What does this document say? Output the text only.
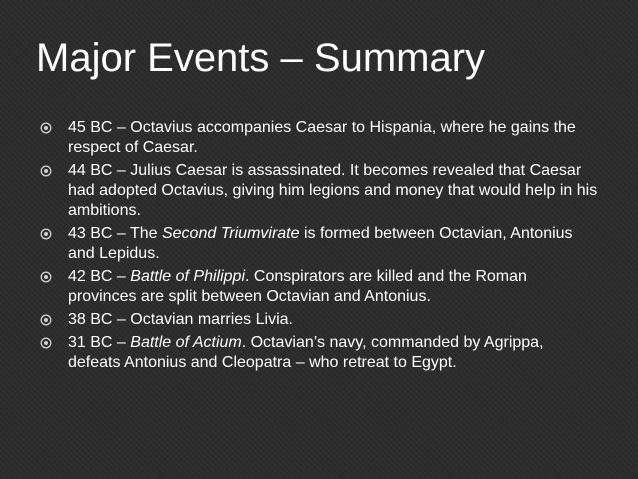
Major Events – Summary
45 BC – Octavius accompanies Caesar to Hispania, where he gains the respect of Caesar.
44 BC – Julius Caesar is assassinated. It becomes revealed that Caesar had adopted Octavius, giving him legions and money that would help in his ambitions.
43 BC – The Second Triumvirate is formed between Octavian, Antonius and Lepidus.
42 BC – Battle of Philippi. Conspirators are killed and the Roman provinces are split between Octavian and Antonius.
38 BC – Octavian marries Livia.
31 BC – Battle of Actium. Octavian’s navy, commanded by Agrippa, defeats Antonius and Cleopatra – who retreat to Egypt.
